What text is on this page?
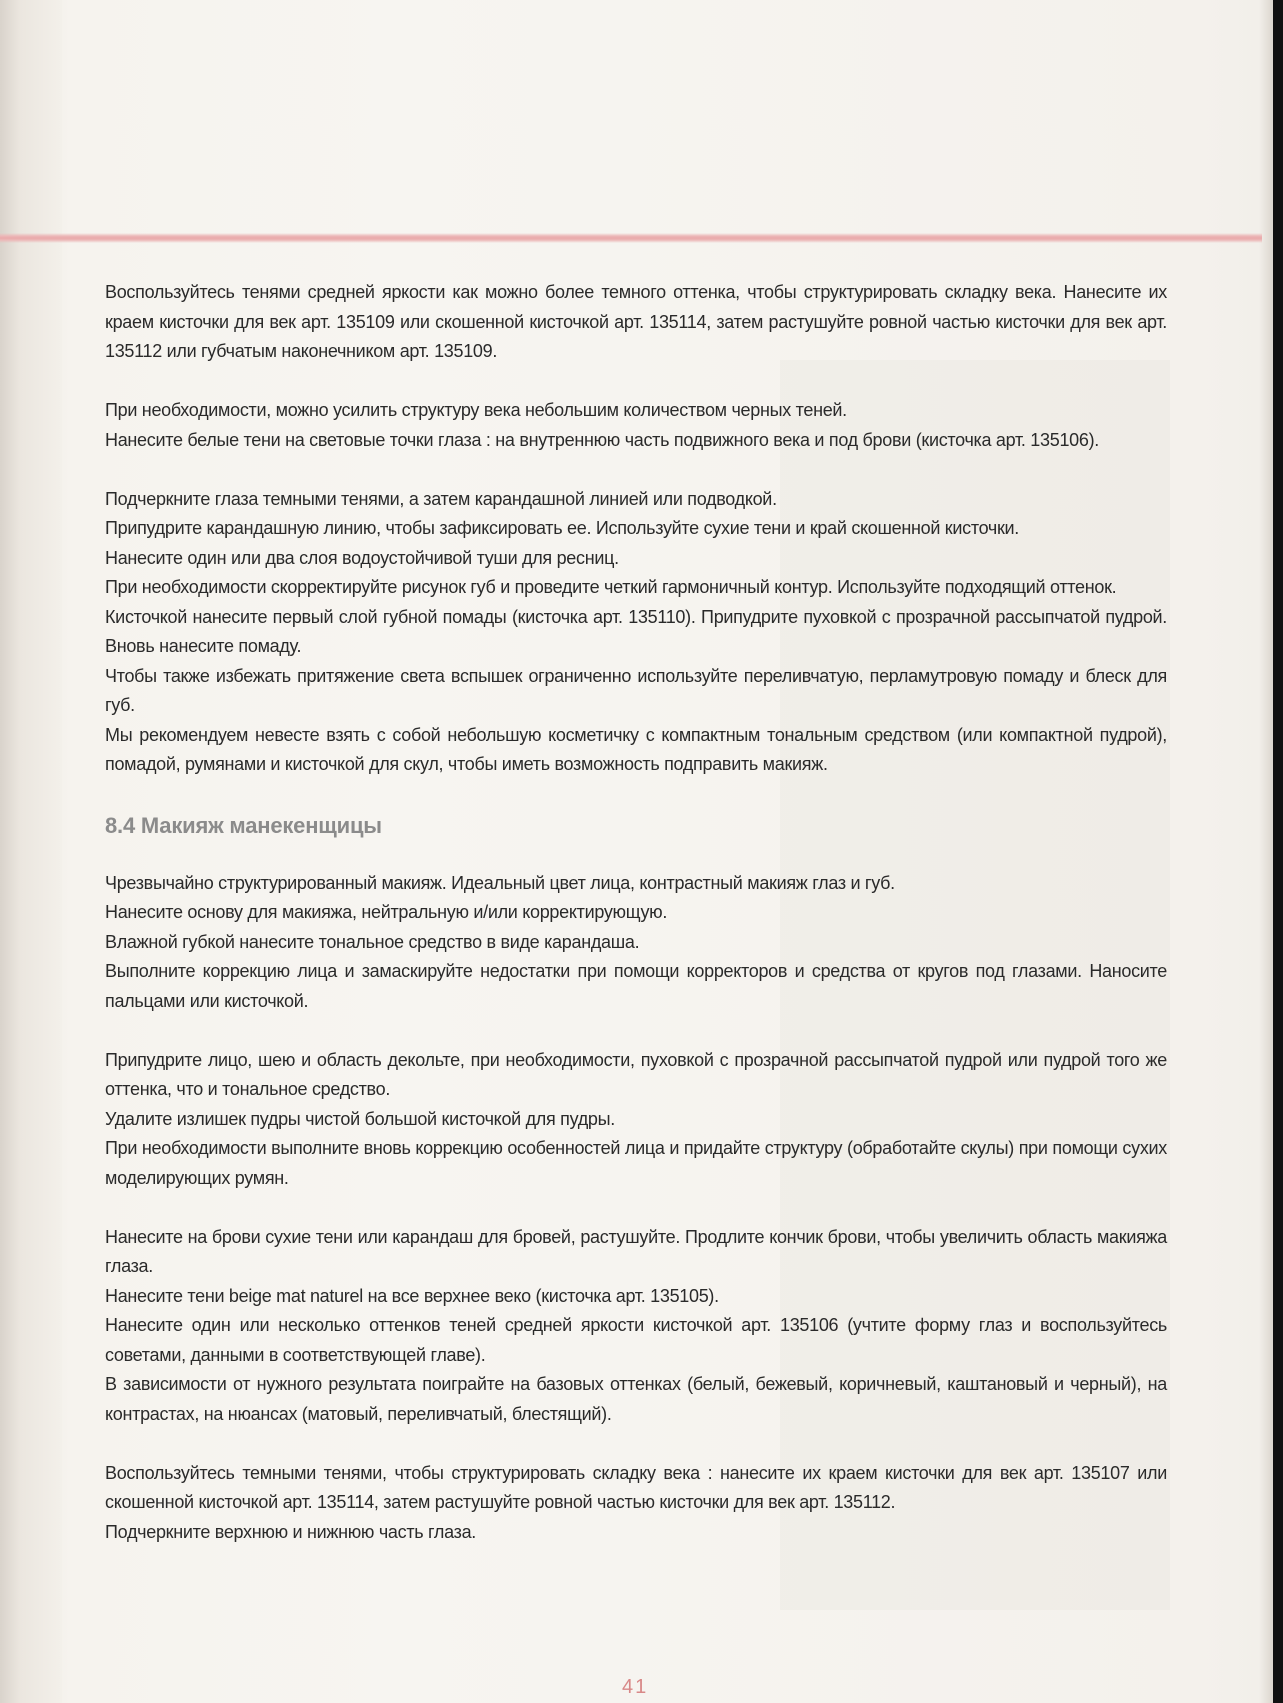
Воспользуйтесь тенями средней яркости как можно более темного оттенка, чтобы структурировать складку века. Нанесите их краем кисточки для век арт. 135109 или скошенной кисточкой арт. 135114, затем растушуйте ровной частью кисточки для век арт. 135112 или губчатым наконечником арт. 135109.

При необходимости, можно усилить структуру века небольшим количеством черных теней.

Нанесите белые тени на световые точки глаза : на внутреннюю часть подвижного века и под брови (кисточка арт. 135106).

Подчеркните глаза темными тенями, а затем карандашной линией или подводкой.

Припудрите карандашную линию, чтобы зафиксировать ее. Используйте сухие тени и край скошенной кисточки.

Нанесите один или два слоя водоустойчивой туши для ресниц.

При необходимости скорректируйте рисунок губ и проведите четкий гармоничный контур. Используйте подходящий оттенок.

Кисточкой нанесите первый слой губной помады (кисточка арт. 135110). Припудрите пуховкой с прозрачной рассыпчатой пудрой. Вновь нанесите помаду.

Чтобы также избежать притяжение света вспышек ограниченно используйте переливчатую, перламутровую помаду и блеск для губ.

Мы рекомендуем невесте взять с собой небольшую косметичку с компактным тональным средством (или компактной пудрой), помадой, румянами и кисточкой для скул, чтобы иметь возможность подправить макияж.

8.4 Макияж манекенщицы

Чрезвычайно структурированный макияж. Идеальный цвет лица, контрастный макияж глаз и губ.

Нанесите основу для макияжа, нейтральную и/или корректирующую.

Влажной губкой нанесите тональное средство в виде карандаша.

Выполните коррекцию лица и замаскируйте недостатки при помощи корректоров и средства от кругов под глазами. Наносите пальцами или кисточкой.

Припудрите лицо, шею и область декольте, при необходимости, пуховкой с прозрачной рассыпчатой пудрой или пудрой того же оттенка, что и тональное средство.

Удалите излишек пудры чистой большой кисточкой для пудры.

При необходимости выполните вновь коррекцию особенностей лица и придайте структуру (обработайте скулы) при помощи сухих моделирующих румян.

Нанесите на брови сухие тени или карандаш для бровей, растушуйте. Продлите кончик брови, чтобы увеличить область макияжа глаза.

Нанесите тени beige mat naturel на все верхнее веко (кисточка арт. 135105).

Нанесите один или несколько оттенков теней средней яркости кисточкой арт. 135106 (учтите форму глаз и воспользуйтесь советами, данными в соответствующей главе).

В зависимости от нужного результата поиграйте на базовых оттенках (белый, бежевый, коричневый, каштановый и черный), на контрастах, на нюансах (матовый, переливчатый, блестящий).

Воспользуйтесь темными тенями, чтобы структурировать складку века : нанесите их краем кисточки для век арт. 135107 или скошенной кисточкой арт. 135114, затем растушуйте ровной частью кисточки для век арт. 135112.

Подчеркните верхнюю и нижнюю часть глаза.

41
